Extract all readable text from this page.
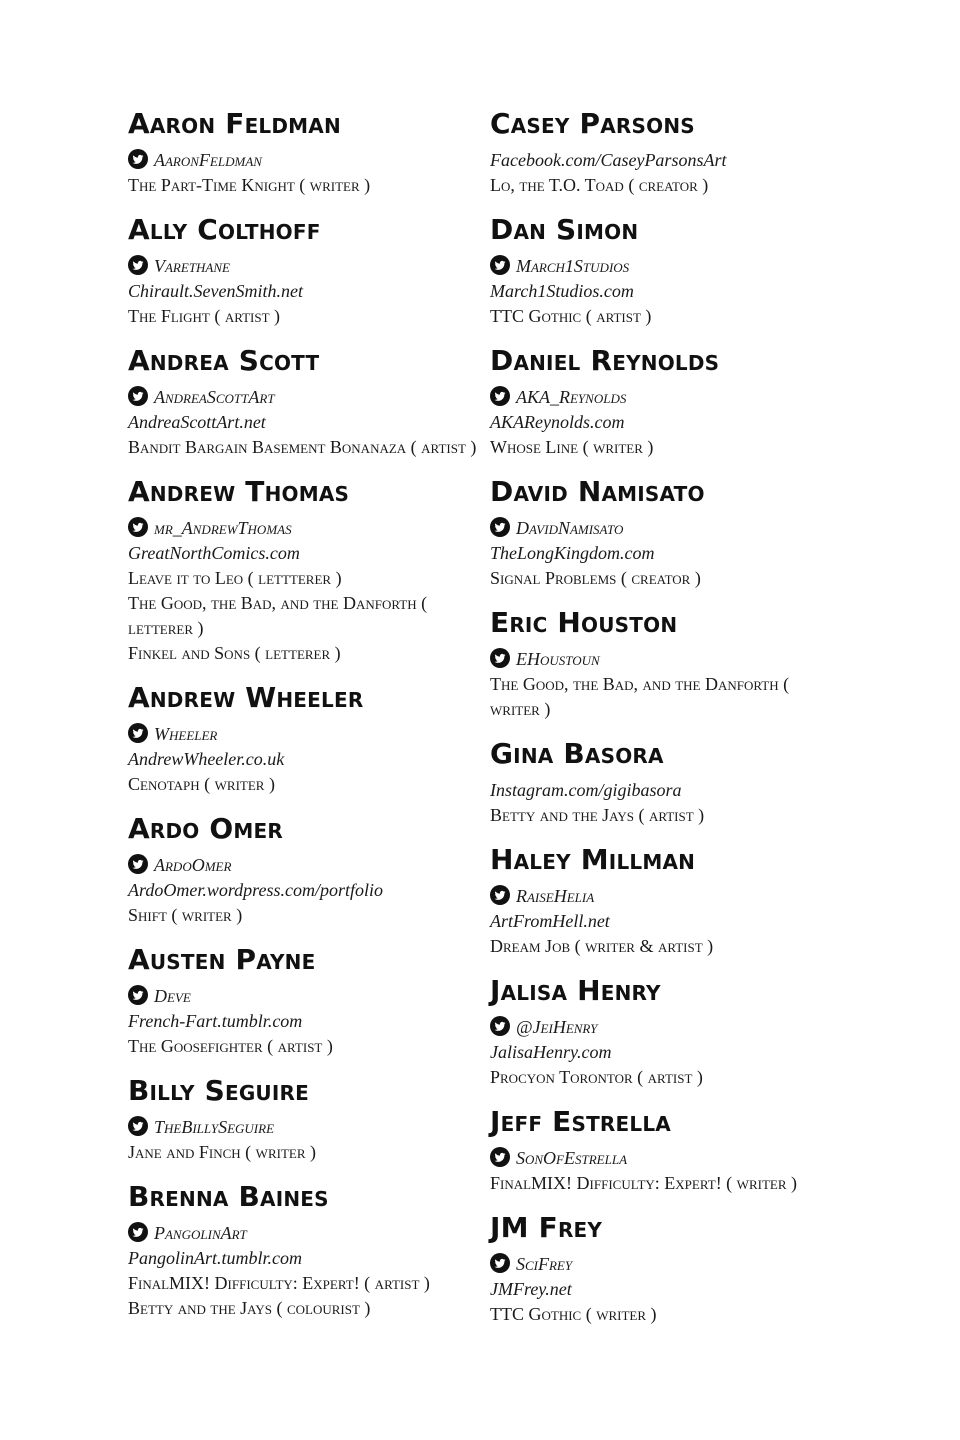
Aaron Feldman
AaronFeldman
The Part-Time Knight ( writer )
Ally Colthoff
Varethane
Chirault.SevenSmith.net
The Flight ( artist )
Andrea Scott
AndreaScottArt
AndreaScottArt.net
Bandit Bargain Basement Bonanaza ( artist )
Andrew Thomas
mr_AndrewThomas
GreatNorthComics.com
Leave it to Leo ( lettterer )
The Good, the Bad, and the Danforth ( letterer )
Finkel and Sons ( letterer )
Andrew Wheeler
Wheeler
AndrewWheeler.co.uk
Cenotaph ( writer )
Ardo Omer
ArdoOmer
ArdoOmer.wordpress.com/portfolio
Shift ( writer )
Austen Payne
Deve
French-Fart.tumblr.com
The Goosefighter ( artist )
Billy Seguire
TheBillySeguire
Jane and Finch ( writer )
Brenna Baines
PangolinArt
PangolinArt.tumblr.com
FinalMIX! Difficulty: Expert! ( artist )
Betty and the Jays ( colourist )
Casey Parsons
Facebook.com/CaseyParsonsArt
Lo, the T.O. Toad ( creator )
Dan Simon
March1Studios
March1Studios.com
TTC Gothic ( artist )
Daniel Reynolds
AKA_Reynolds
AKAReynolds.com
Whose Line ( writer )
David Namisato
DavidNamisato
TheLongKingdom.com
Signal Problems ( creator )
Eric Houston
EHoustoun
The Good, the Bad, and the Danforth ( writer )
Gina Basora
Instagram.com/gigibasora
Betty and the Jays ( artist )
Haley Millman
RaiseHelia
ArtFromHell.net
Dream Job ( writer & artist )
Jalisa Henry
@JeiHenry
JalisaHenry.com
Procyon Torontor ( artist )
Jeff Estrella
SonOfEstrella
FinalMIX! Difficulty: Expert! ( writer )
JM Frey
SciFrey
JMFrey.net
TTC Gothic ( writer )
